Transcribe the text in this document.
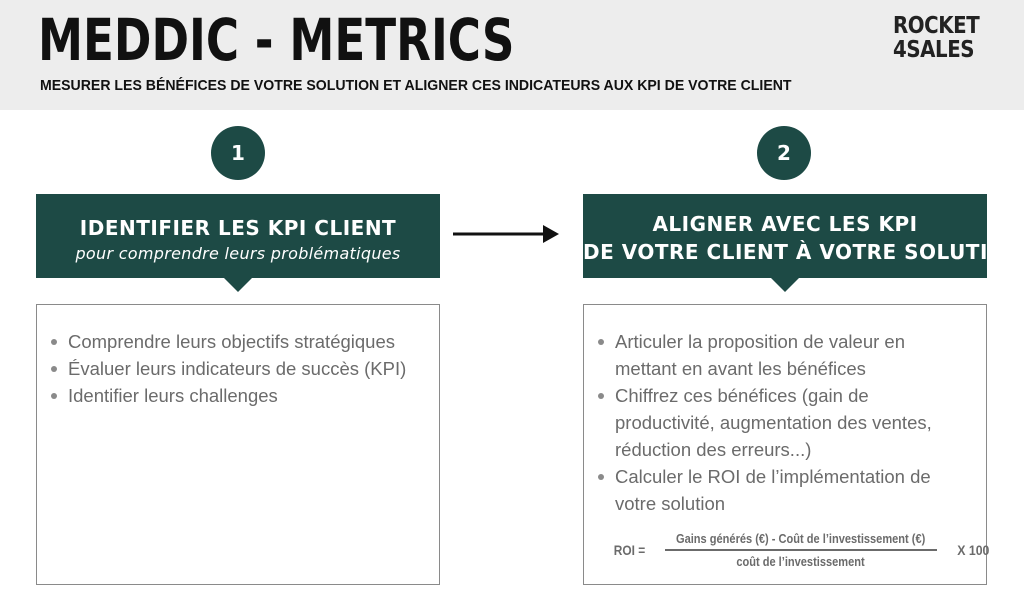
MEDDIC - METRICS
MESURER LES BÉNÉFICES DE VOTRE SOLUTION ET ALIGNER CES INDICATEURS AUX KPI DE VOTRE CLIENT
ROCKET
4SALES
1
IDENTIFIER LES KPI CLIENT
pour comprendre leurs problématiques
Comprendre leurs objectifs stratégiques
Évaluer leurs indicateurs de succès (KPI)
Identifier leurs challenges
2
ALIGNER AVEC LES KPI
DE VOTRE CLIENT À VOTRE SOLUTION
Articuler la proposition de valeur en mettant en avant les bénéfices
Chiffrez ces bénéfices (gain de productivité, augmentation des ventes, réduction des erreurs...)
Calculer le ROI de l’implémentation de votre solution
ROI = $\frac{\text{Gains générés (€) - Coût de l’investissement (€)}}{\text{coût de l’investissement}}$ X 100
